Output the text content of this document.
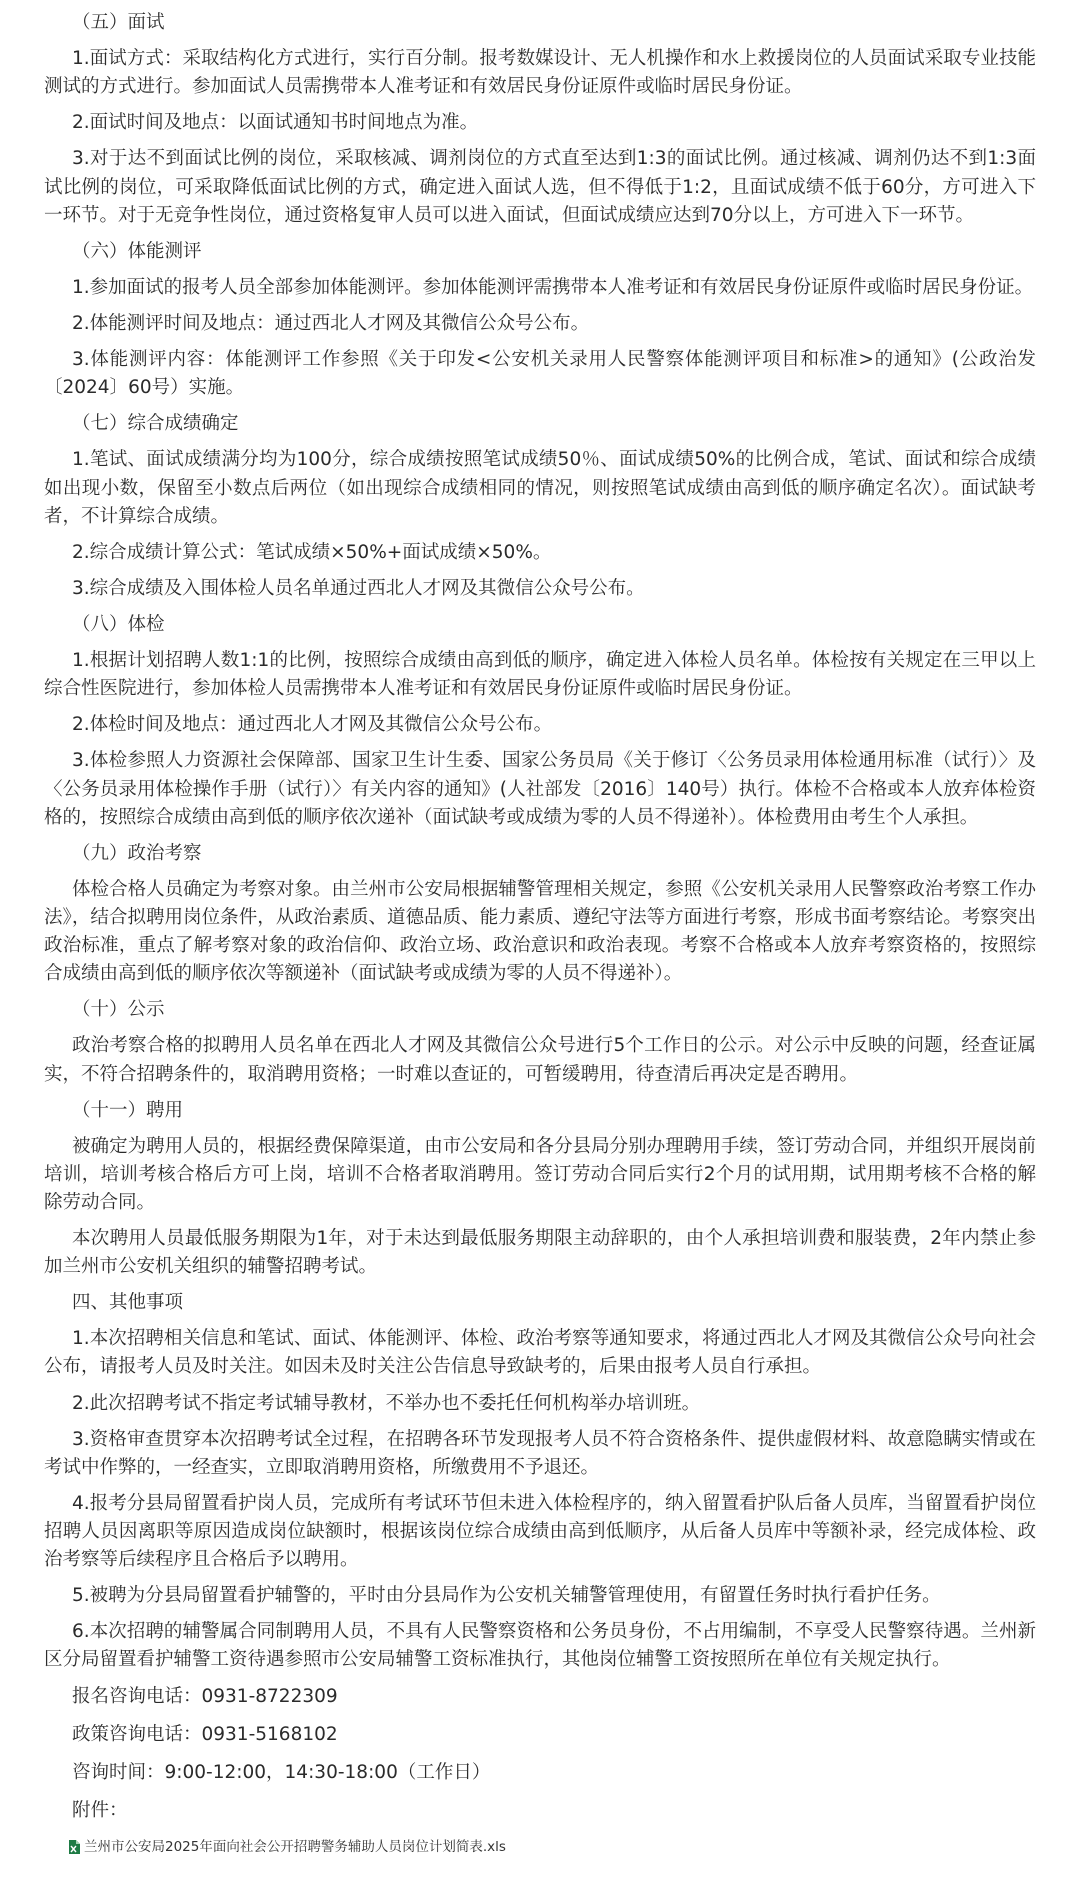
（五）面试
1.面试方式：采取结构化方式进行，实行百分制。报考数媒设计、无人机操作和水上救援岗位的人员面试采取专业技能测试的方式进行。参加面试人员需携带本人准考证和有效居民身份证原件或临时居民身份证。
2.面试时间及地点：以面试通知书时间地点为准。
3.对于达不到面试比例的岗位，采取核减、调剂岗位的方式直至达到1:3的面试比例。通过核减、调剂仍达不到1:3面试比例的岗位，可采取降低面试比例的方式，确定进入面试人选，但不得低于1:2，且面试成绩不低于60分，方可进入下一环节。对于无竞争性岗位，通过资格复审人员可以进入面试，但面试成绩应达到70分以上，方可进入下一环节。
（六）体能测评
1.参加面试的报考人员全部参加体能测评。参加体能测评需携带本人准考证和有效居民身份证原件或临时居民身份证。
2.体能测评时间及地点：通过西北人才网及其微信公众号公布。
3.体能测评内容：体能测评工作参照《关于印发<公安机关录用人民警察体能测评项目和标准>的通知》(公政治发〔2024〕60号）实施。
（七）综合成绩确定
1.笔试、面试成绩满分均为100分，综合成绩按照笔试成绩50％、面试成绩50%的比例合成，笔试、面试和综合成绩如出现小数，保留至小数点后两位（如出现综合成绩相同的情况，则按照笔试成绩由高到低的顺序确定名次）。面试缺考者，不计算综合成绩。
2.综合成绩计算公式：笔试成绩×50%+面试成绩×50%。
3.综合成绩及入围体检人员名单通过西北人才网及其微信公众号公布。
（八）体检
1.根据计划招聘人数1:1的比例，按照综合成绩由高到低的顺序，确定进入体检人员名单。体检按有关规定在三甲以上综合性医院进行，参加体检人员需携带本人准考证和有效居民身份证原件或临时居民身份证。
2.体检时间及地点：通过西北人才网及其微信公众号公布。
3.体检参照人力资源社会保障部、国家卫生计生委、国家公务员局《关于修订〈公务员录用体检通用标准（试行）〉及〈公务员录用体检操作手册（试行）〉有关内容的通知》(人社部发〔2016〕140号）执行。体检不合格或本人放弃体检资格的，按照综合成绩由高到低的顺序依次递补（面试缺考或成绩为零的人员不得递补）。体检费用由考生个人承担。
（九）政治考察
体检合格人员确定为考察对象。由兰州市公安局根据辅警管理相关规定，参照《公安机关录用人民警察政治考察工作办法》，结合拟聘用岗位条件，从政治素质、道德品质、能力素质、遵纪守法等方面进行考察，形成书面考察结论。考察突出政治标准，重点了解考察对象的政治信仰、政治立场、政治意识和政治表现。考察不合格或本人放弃考察资格的，按照综合成绩由高到低的顺序依次等额递补（面试缺考或成绩为零的人员不得递补）。
（十）公示
政治考察合格的拟聘用人员名单在西北人才网及其微信公众号进行5个工作日的公示。对公示中反映的问题，经查证属实，不符合招聘条件的，取消聘用资格；一时难以查证的，可暂缓聘用，待查清后再决定是否聘用。
（十一）聘用
被确定为聘用人员的，根据经费保障渠道，由市公安局和各分县局分别办理聘用手续，签订劳动合同，并组织开展岗前培训，培训考核合格后方可上岗，培训不合格者取消聘用。签订劳动合同后实行2个月的试用期，试用期考核不合格的解除劳动合同。
本次聘用人员最低服务期限为1年，对于未达到最低服务期限主动辞职的，由个人承担培训费和服装费，2年内禁止参加兰州市公安机关组织的辅警招聘考试。
四、其他事项
1.本次招聘相关信息和笔试、面试、体能测评、体检、政治考察等通知要求，将通过西北人才网及其微信公众号向社会公布，请报考人员及时关注。如因未及时关注公告信息导致缺考的，后果由报考人员自行承担。
2.此次招聘考试不指定考试辅导教材，不举办也不委托任何机构举办培训班。
3.资格审查贯穿本次招聘考试全过程，在招聘各环节发现报考人员不符合资格条件、提供虚假材料、故意隐瞒实情或在考试中作弊的，一经查实，立即取消聘用资格，所缴费用不予退还。
4.报考分县局留置看护岗人员，完成所有考试环节但未进入体检程序的，纳入留置看护队后备人员库，当留置看护岗位招聘人员因离职等原因造成岗位缺额时，根据该岗位综合成绩由高到低顺序，从后备人员库中等额补录，经完成体检、政治考察等后续程序且合格后予以聘用。
5.被聘为分县局留置看护辅警的，平时由分县局作为公安机关辅警管理使用，有留置任务时执行看护任务。
6.本次招聘的辅警属合同制聘用人员，不具有人民警察资格和公务员身份，不占用编制，不享受人民警察待遇。兰州新区分局留置看护辅警工资待遇参照市公安局辅警工资标准执行，其他岗位辅警工资按照所在单位有关规定执行。
报名咨询电话：0931-8722309
政策咨询电话：0931-5168102
咨询时间：9:00-12:00，14:30-18:00（工作日）
附件：
兰州市公安局2025年面向社会公开招聘警务辅助人员岗位计划简表.xls
